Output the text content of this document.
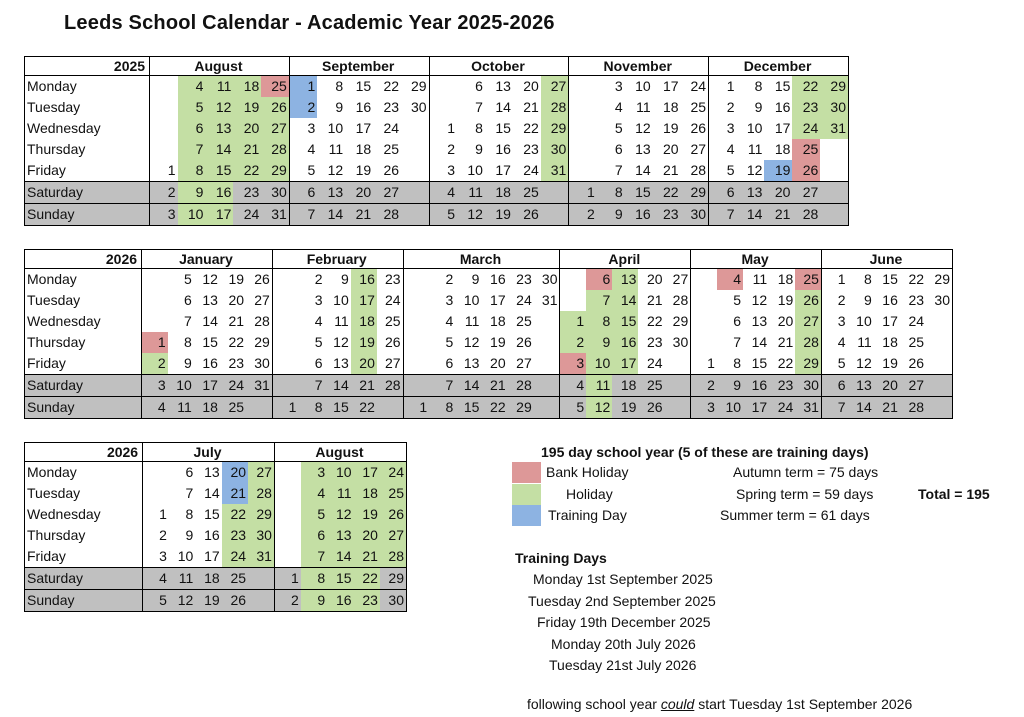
Leeds School Calendar - Academic Year 2025-2026
2025	August					September					October					November					December				
Monday		4	11	18	25	1	8	15	22	29		6	13	20	27		3	10	17	24	1	8	15	22	29
Tuesday		5	12	19	26	2	9	16	23	30		7	14	21	28		4	11	18	25	2	9	16	23	30
Wednesday		6	13	20	27	3	10	17	24		1	8	15	22	29		5	12	19	26	3	10	17	24	31
Thursday		7	14	21	28	4	11	18	25		2	9	16	23	30		6	13	20	27	4	11	18	25	
Friday	1	8	15	22	29	5	12	19	26		3	10	17	24	31		7	14	21	28	5	12	19	26	
Saturday	2	9	16	23	30	6	13	20	27		4	11	18	25		1	8	15	22	29	6	13	20	27	
Sunday	3	10	17	24	31	7	14	21	28		5	12	19	26		2	9	16	23	30	7	14	21	28	
2026	January					February					March						April					May					June				
Monday		5	12	19	26		2	9	16	23		2	9	16	23	30		6	13	20	27		4	11	18	25	1	8	15	22	29
Tuesday		6	13	20	27		3	10	17	24		3	10	17	24	31		7	14	21	28		5	12	19	26	2	9	16	23	30
Wednesday		7	14	21	28		4	11	18	25		4	11	18	25		1	8	15	22	29		6	13	20	27	3	10	17	24	
Thursday	1	8	15	22	29		5	12	19	26		5	12	19	26		2	9	16	23	30		7	14	21	28	4	11	18	25	
Friday	2	9	16	23	30		6	13	20	27		6	13	20	27		3	10	17	24		1	8	15	22	29	5	12	19	26	
Saturday	3	10	17	24	31		7	14	21	28		7	14	21	28		4	11	18	25		2	9	16	23	30	6	13	20	27	
Sunday	4	11	18	25		1	8	15	22		1	8	15	22	29		5	12	19	26		3	10	17	24	31	7	14	21	28	
2026	July					August				
Monday		6	13	20	27		3	10	17	24
Tuesday		7	14	21	28		4	11	18	25
Wednesday	1	8	15	22	29		5	12	19	26
Thursday	2	9	16	23	30		6	13	20	27
Friday	3	10	17	24	31		7	14	21	28
Saturday	4	11	18	25		1	8	15	22	29
Sunday	5	12	19	26		2	9	16	23	30
195 day school year (5 of these are training days)
Bank Holiday
Holiday
Training Day
Autumn term = 75 days
Spring term = 59 days
Summer term = 61 days
Total = 195
Training Days
Monday 1st September 2025
Tuesday 2nd September 2025
Friday 19th December 2025
Monday 20th July 2026
Tuesday 21st July 2026
following school year could start Tuesday 1st September 2026
